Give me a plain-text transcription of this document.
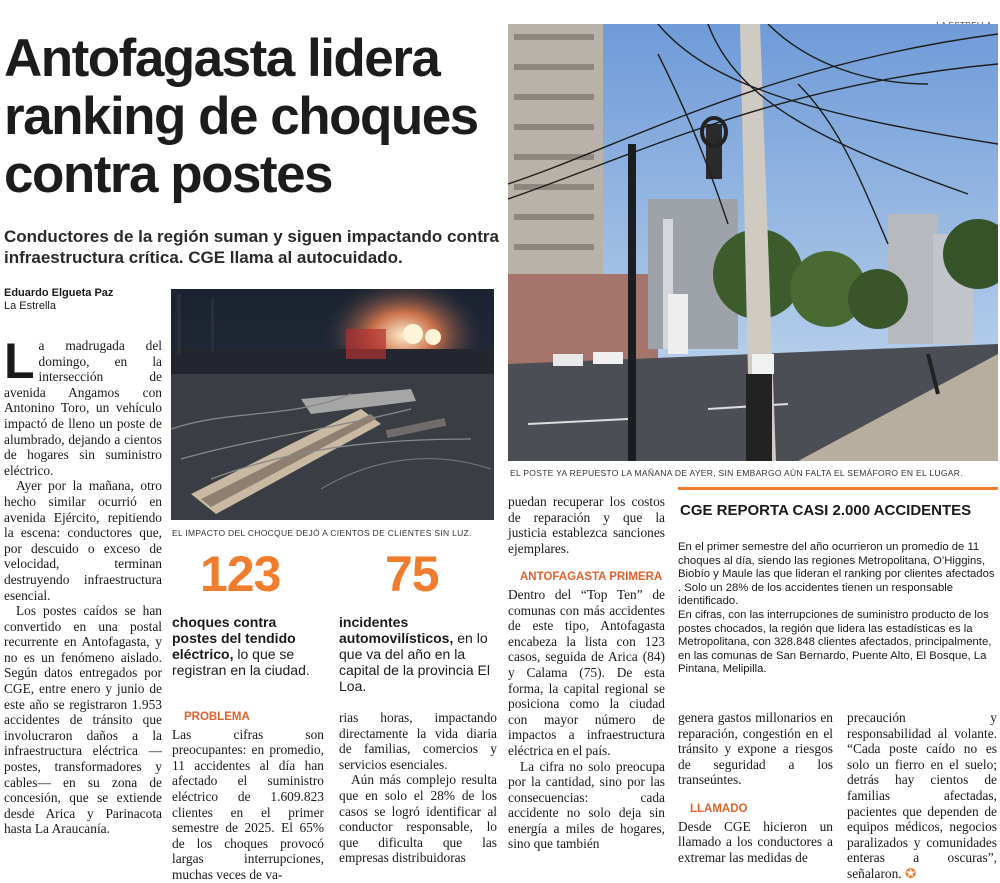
Antofagasta lidera ranking de choques contra postes
Conductores de la región suman y siguen impactando contra infraestructura crítica. CGE llama al autocuidado.
Eduardo Elgueta Paz
La Estrella

La madrugada del domingo, en la intersección de avenida Angamos con Antonino Toro, un vehículo impactó de lleno un poste de alumbrado, dejando a cientos de hogares sin suministro eléctrico.

Ayer por la mañana, otro hecho similar ocurrió en avenida Ejército, repitiendo la escena: conductores que, por descuido o exceso de velocidad, terminan destruyendo infraestructura esencial.

Los postes caídos se han convertido en una postal recurrente en Antofagasta, y no es un fenómeno aislado. Según datos entregados por CGE, entre enero y junio de este año se registraron 1.953 accidentes de tránsito que involucraron daños a la infraestructura eléctrica —postes, transformadores y cables— en su zona de concesión, que se extiende desde Arica y Parinacota hasta La Araucanía.

EL IMPACTO DEL CHOCQUE DEJÓ A CIENTOS DE CLIENTES SIN LUZ.
EL POSTE YA REPUESTO LA MAÑANA DE AYER, SIN EMBARGO AÚN FALTA EL SEMÁFORO EN EL LUGAR.
123
choques contra postes del tendido eléctrico, lo que se registran en la ciudad.
75
incidentes automovilísticos, en lo que va del año en la capital de la provincia El Loa.

PROBLEMA

Las cifras son preocupantes: en promedio, 11 accidentes al día han afectado el suministro eléctrico de 1.609.823 clientes en el primer semestre de 2025. El 65% de los choques provocó largas interrupciones, muchas veces de va-

rias horas, impactando directamente la vida diaria de familias, comercios y servicios esenciales.

Aún más complejo resulta que en solo el 28% de los casos se logró identificar al conductor responsable, lo que dificulta que las empresas distribuidoras

puedan recuperar los costos de reparación y que la justicia establezca sanciones ejemplares.

ANTOFAGASTA PRIMERA

Dentro del “Top Ten” de comunas con más accidentes de este tipo, Antofagasta encabeza la lista con 123 casos, seguida de Arica (84) y Calama (75). De esta forma, la capital regional se posiciona como la ciudad con mayor número de impactos a infraestructura eléctrica en el país.

La cifra no solo preocupa por la cantidad, sino por las consecuencias: cada accidente no solo deja sin energía a miles de hogares, sino que también

CGE REPORTA CASI 2.000 ACCIDENTES

En el primer semestre del año ocurrieron un promedio de 11 choques al día, siendo las regiones Metropolitana, O’Higgins, Biobío y Maule las que lideran el ranking por clientes afectados . Solo un 28% de los accidentes tienen un responsable identificado.

En cifras, con las interrupciones de suministro producto de los postes chocados, la región que lidera las estadísticas es la Metropolitana, con 328.848 clientes afectados, principalmente, en las comunas de San Bernardo, Puente Alto, El Bosque, La Pintana, Melipilla.

genera gastos millonarios en reparación, congestión en el tránsito y expone a riesgos de seguridad a los transeúntes.

LLAMADO

Desde CGE hicieron un llamado a los conductores a extremar las medidas de

precaución y responsabilidad al volante. “Cada poste caído no es solo un fierro en el suelo; detrás hay cientos de familias afectadas, pacientes que dependen de equipos médicos, negocios paralizados y comunidades enteras a oscuras”, señalaron. ✪
